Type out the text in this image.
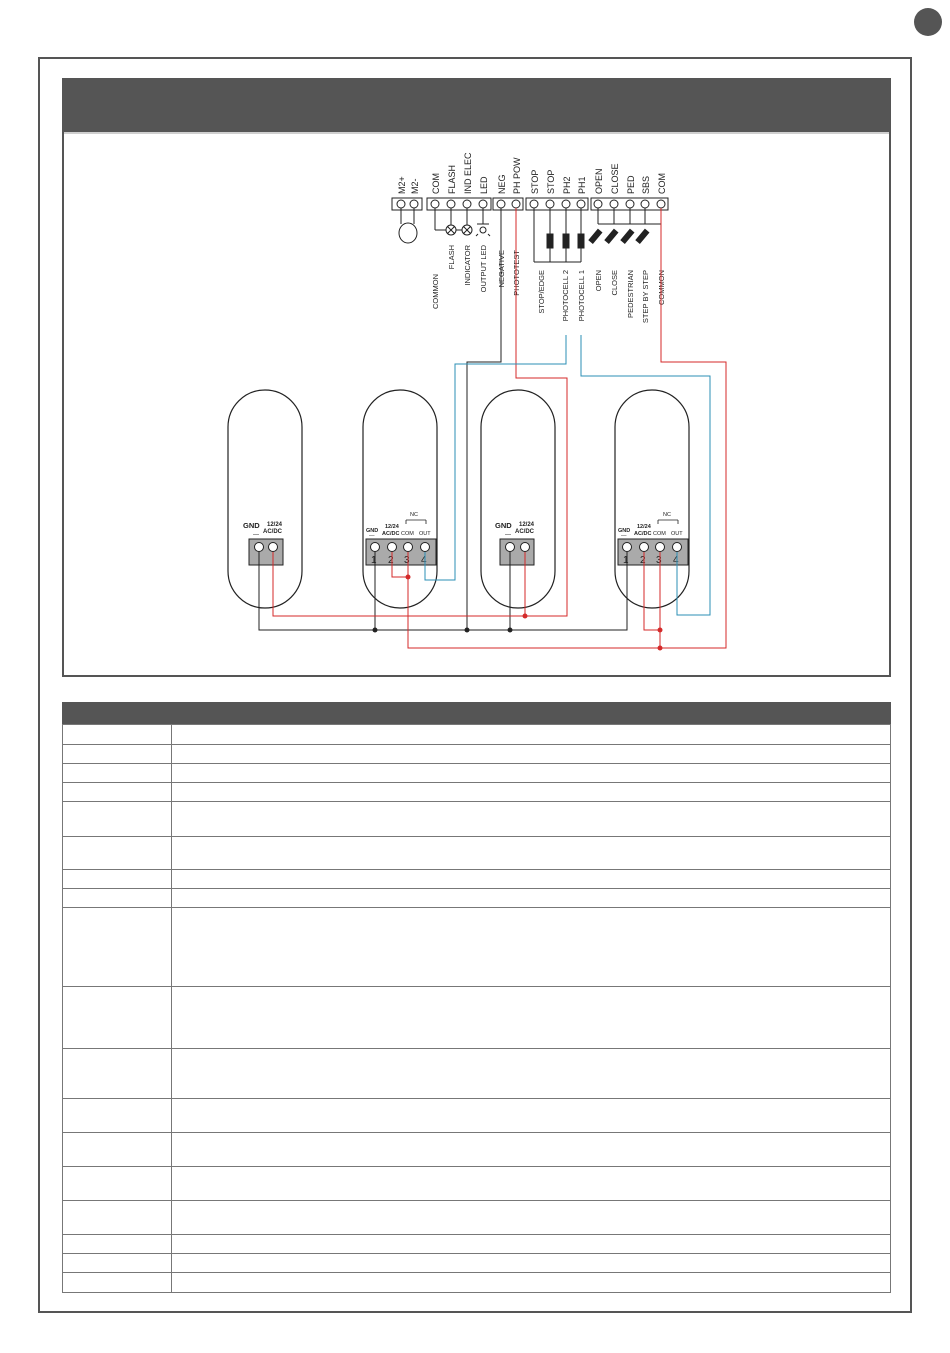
M2+ M2- COM FLASH IND ELEC LED NEG PH POW STOP STOP PH2 PH1 OPEN CLOSE PED SBS COM
COMMON
FLASH INDICATOR OUTPUT LED NEGATIVE PHOTOTEST STOP/EDGE PHOTOCELL 2 PHOTOCELL 1 OPEN CLOSE PEDESTRIAN STEP BY STEP COMMON
GND 12/24
AC/DC
—
GND
—
12/24
AC/DC COM OUT
NC
1 2 3 4
GND 12/24
AC/DC
—
GND
—
12/24
AC/DC COM OUT
NC
1 2 3 4
